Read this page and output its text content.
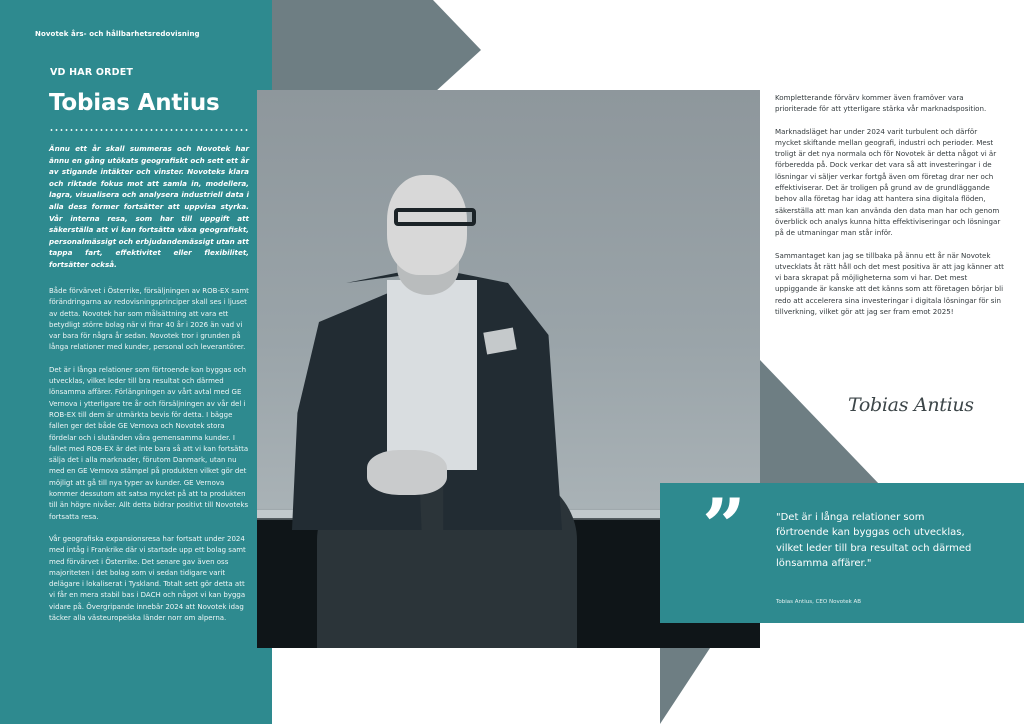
Novotek års- och hållbarhetsredovisning
VD HAR ORDET
Tobias Antius

Ännu ett år skall summeras och Novotek har ännu en gång utökats geografiskt och sett ett år av stigande intäkter och vinster. Novoteks klara och riktade fokus mot att samla in, modellera, lagra, visualisera och analysera industriell data i alla dess former fortsätter att uppvisa styrka. Vår interna resa, som har till uppgift att säkerställa att vi kan fortsätta växa geografiskt, personalmässigt och erbjudandemässigt utan att tappa fart, effektivitet eller flexibilitet, fortsätter också.

Både förvärvet i Österrike, försäljningen av ROB-EX samt förändringarna av redovisningsprinciper skall ses i ljuset av detta. Novotek har som målsättning att vara ett betydligt större bolag när vi firar 40 år i 2026 än vad vi var bara för några år sedan. Novotek tror i grunden på långa relationer med kunder, personal och leverantörer.

Det är i långa relationer som förtroende kan byggas och utvecklas, vilket leder till bra resultat och därmed lönsamma affärer. Förlängningen av vårt avtal med GE Vernova i ytterligare tre år och försäljningen av vår del i ROB-EX till dem är utmärkta bevis för detta. I bägge fallen ger det både GE Vernova och Novotek stora fördelar och i slutänden våra gemensamma kunder. I fallet med ROB-EX är det inte bara så att vi kan fortsätta sälja det i alla marknader, förutom Danmark, utan nu med en GE Vernova stämpel på produkten vilket gör det möjligt att gå till nya typer av kunder. GE Vernova kommer dessutom att satsa mycket på att ta produkten till än högre nivåer. Allt detta bidrar positivt till Novoteks fortsatta resa.

Vår geografiska expansionsresa har fortsatt under 2024 med intåg i Frankrike där vi startade upp ett bolag samt med förvärvet i Österrike. Det senare gav även oss majoriteten i det bolag som vi sedan tidigare varit delägare i lokaliserat i Tyskland. Totalt sett gör detta att vi får en mera stabil bas i DACH och något vi kan bygga vidare på. Övergripande innebär 2024 att Novotek idag täcker alla västeuropeiska länder norr om alperna.

Kompletterande förvärv kommer även framöver vara prioriterade för att ytterligare stärka vår marknadsposition.

Marknadsläget har under 2024 varit turbulent och därför mycket skiftande mellan geografi, industri och perioder. Mest troligt är det nya normala och för Novotek är detta något vi är förberedda på. Dock verkar det vara så att investeringar i de lösningar vi säljer verkar fortgå även om företag drar ner och effektiviserar. Det är troligen på grund av de grundläggande behov alla företag har idag att hantera sina digitala flöden, säkerställa att man kan använda den data man har och genom överblick och analys kunna hitta effektiviseringar och lösningar på de utmaningar man står inför.

Sammantaget kan jag se tillbaka på ännu ett år när Novotek utvecklats åt rätt håll och det mest positiva är att jag känner att vi bara skrapat på möjligheterna som vi har. Det mest uppiggande är kanske att det känns som att företagen börjar bli redo att accelerera sina investeringar i digitala lösningar för sin tillverkning, vilket gör att jag ser fram emot 2025!

Tobias Antius
”	"Det är i långa relationer som förtroende kan byggas och utvecklas, vilket leder till bra resultat och därmed lönsamma affärer."

Tobias Antius, CEO Novotek AB
